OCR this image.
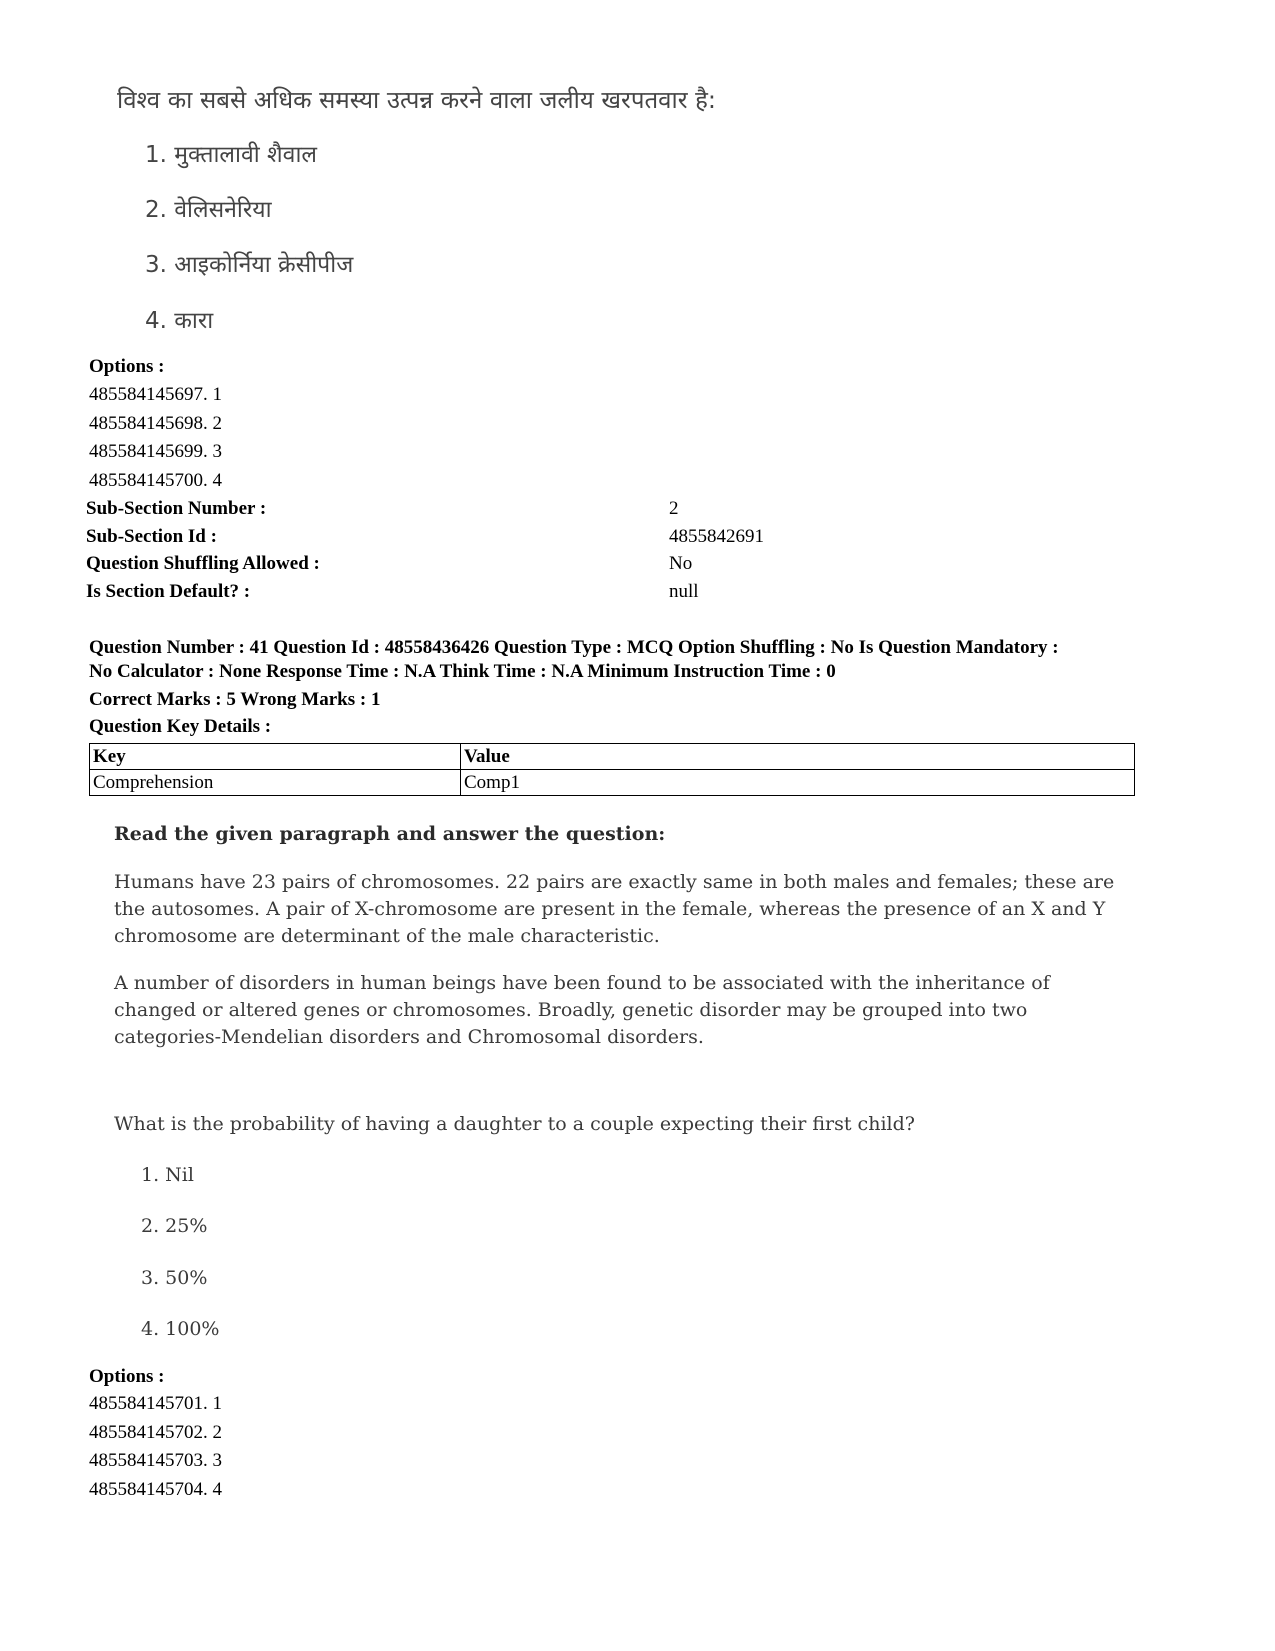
विश्व का सबसे अधिक समस्या उत्पन्न करने वाला जलीय खरपतवार है:
1. मुक्तालावी शैवाल
2. वेलिसनेरिया
3. आइकोर्निया क्रेसीपीज
4. कारा
Options :
485584145697. 1
485584145698. 2
485584145699. 3
485584145700. 4
Sub-Section Number :	2
Sub-Section Id :	4855842691
Question Shuffling Allowed :	No
Is Section Default? :	null
Question Number : 41 Question Id : 48558436426 Question Type : MCQ Option Shuffling : No Is Question Mandatory :
No Calculator : None Response Time : N.A Think Time : N.A Minimum Instruction Time : 0
Correct Marks : 5 Wrong Marks : 1
Question Key Details :
Key	Value
Comprehension	Comp1
Read the given paragraph and answer the question:
Humans have 23 pairs of chromosomes. 22 pairs are exactly same in both males and females; these are the autosomes. A pair of X-chromosome are present in the female, whereas the presence of an X and Y chromosome are determinant of the male characteristic.
A number of disorders in human beings have been found to be associated with the inheritance of changed or altered genes or chromosomes. Broadly, genetic disorder may be grouped into two categories-Mendelian disorders and Chromosomal disorders.
What is the probability of having a daughter to a couple expecting their first child?
1. Nil
2. 25%
3. 50%
4. 100%
Options :
485584145701. 1
485584145702. 2
485584145703. 3
485584145704. 4
